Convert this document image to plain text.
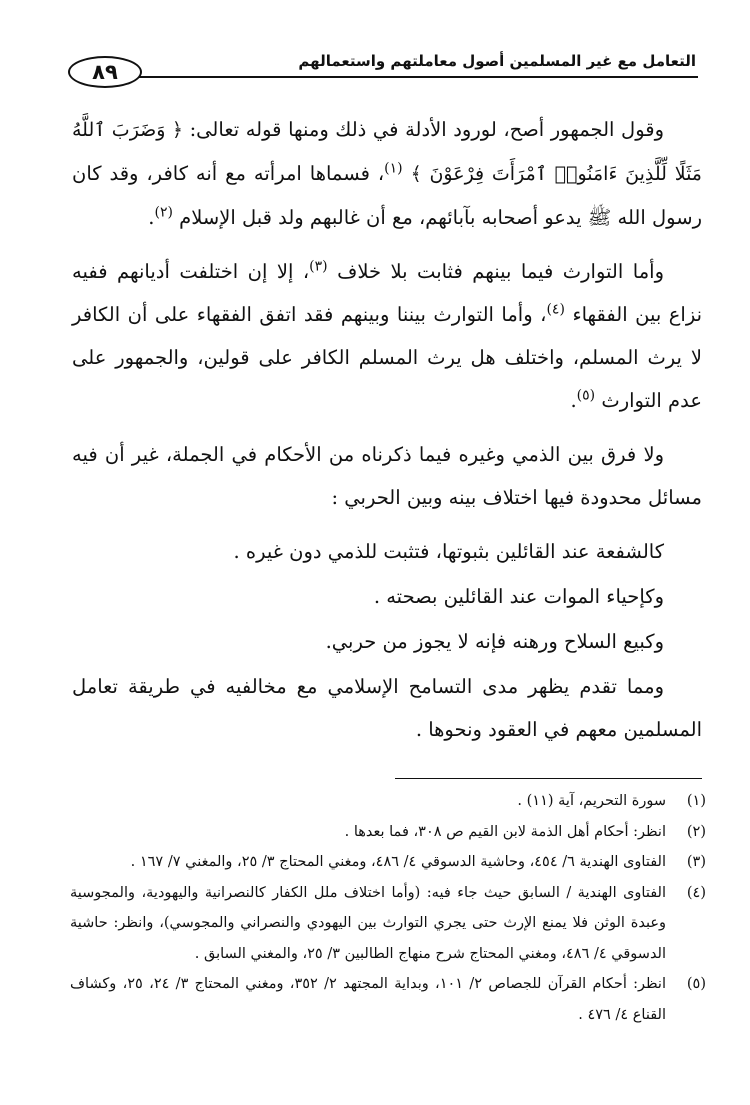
التعامل مع غير المسلمين أصول معاملتهم واستعمالهم
٨٩

وقول الجمهور أصح، لورود الأدلة في ذلك ومنها قوله تعالى: ﴿ وَضَرَبَ ٱللَّهُ مَثَلًا لِّلَّذِينَ ءَامَنُوا۟ ٱمْرَأَتَ فِرْعَوْنَ ﴾ $^{(١)}$، فسماها امرأته مع أنه كافر، وقد كان رسول الله ﷺ يدعو أصحابه بآبائهم، مع أن غالبهم ولد قبل الإسلام $^{(٢)}$.

وأما التوارث فيما بينهم فثابت بلا خلاف $^{(٣)}$، إلا إن اختلفت أديانهم ففيه نزاع بين الفقهاء $^{(٤)}$، وأما التوارث بيننا وبينهم فقد اتفق الفقهاء على أن الكافر لا يرث المسلم، واختلف هل يرث المسلم الكافر على قولين، والجمهور على عدم التوارث $^{(٥)}$.

ولا فرق بين الذمي وغيره فيما ذكرناه من الأحكام في الجملة، غير أن فيه مسائل محدودة فيها اختلاف بينه وبين الحربي :

كالشفعة عند القائلين بثبوتها، فتثبت للذمي دون غيره .

وكإحياء الموات عند القائلين بصحته .

وكبيع السلاح ورهنه فإنه لا يجوز من حربي.

ومما تقدم يظهر مدى التسامح الإسلامي مع مخالفيه في طريقة تعامل المسلمين معهم في العقود ونحوها .

(١)
سورة التحريم، آية (١١) .
(٢)
انظر: أحكام أهل الذمة لابن القيم ص ٣٠٨، فما بعدها .
(٣)
الفتاوى الهندية ٦/ ٤٥٤، وحاشية الدسوقي ٤/ ٤٨٦، ومغني المحتاج ٣/ ٢٥، والمغني ٧/ ١٦٧ .
(٤)
الفتاوى الهندية / السابق حيث جاء فيه: (وأما اختلاف ملل الكفار كالنصرانية واليهودية، والمجوسية وعبدة الوثن فلا يمنع الإرث حتى يجري التوارث بين اليهودي والنصراني والمجوسي)، وانظر: حاشية الدسوقي ٤/ ٤٨٦، ومغني المحتاج شرح منهاج الطالبين ٣/ ٢٥، والمغني السابق .
(٥)
انظر: أحكام القرآن للجصاص ٢/ ١٠١، وبداية المجتهد ٢/ ٣٥٢، ومغني المحتاج ٣/ ٢٤، ٢٥، وكشاف القناع ٤/ ٤٧٦ .
